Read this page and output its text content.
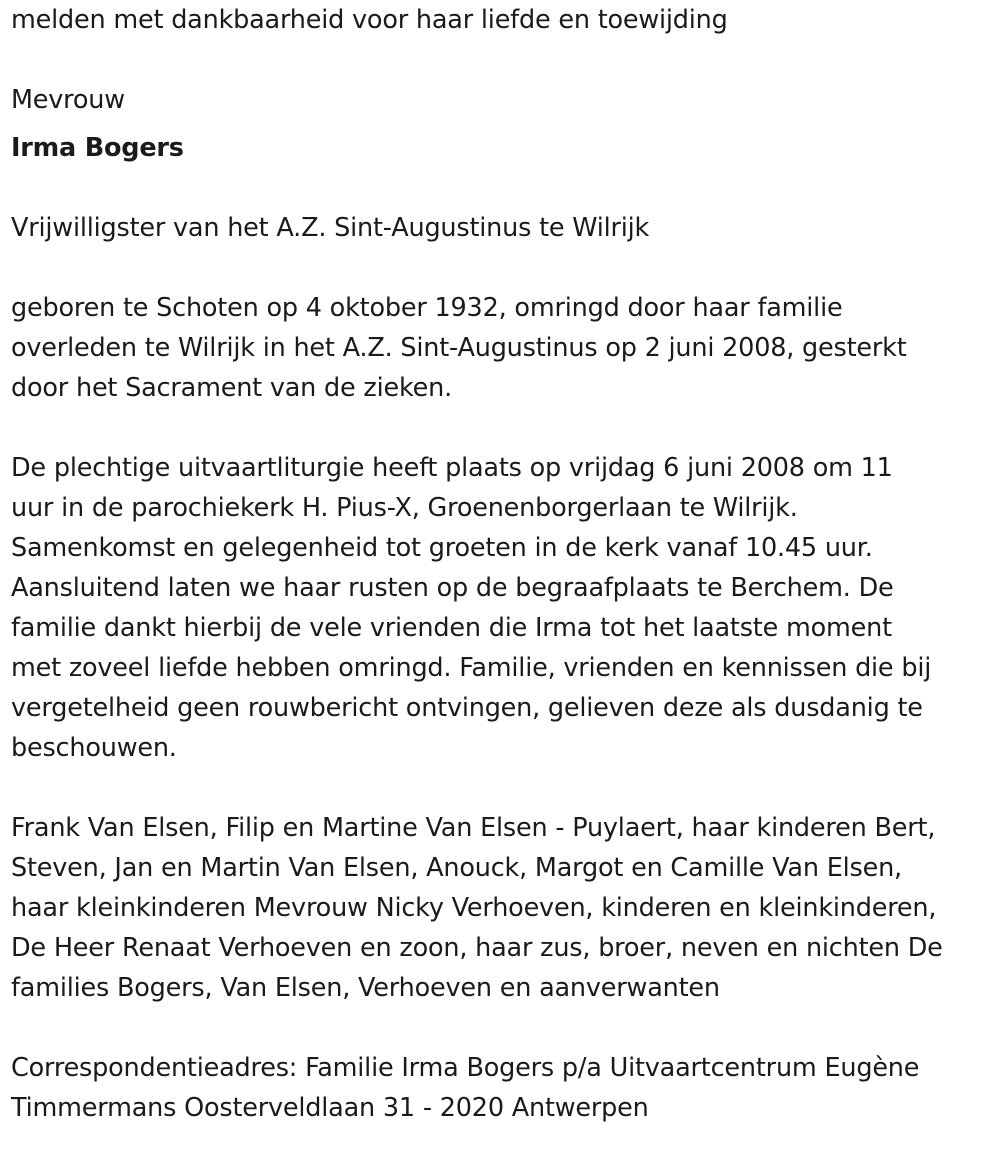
melden met dankbaarheid voor haar liefde en toewijding

Mevrouw

Irma Bogers

Vrijwilligster van het A.Z. Sint-Augustinus te Wilrijk

geboren te Schoten op 4 oktober 1932, omringd door haar familie

overleden te Wilrijk in het A.Z. Sint-Augustinus op 2 juni 2008, gesterkt

door het Sacrament van de zieken.

De plechtige uitvaartliturgie heeft plaats op vrijdag 6 juni 2008 om 11

uur in de parochiekerk H. Pius-X, Groenenborgerlaan te Wilrijk.

Samenkomst en gelegenheid tot groeten in de kerk vanaf 10.45 uur.

Aansluitend laten we haar rusten op de begraafplaats te Berchem. De

familie dankt hierbij de vele vrienden die Irma tot het laatste moment

met zoveel liefde hebben omringd. Familie, vrienden en kennissen die bij

vergetelheid geen rouwbericht ontvingen, gelieven deze als dusdanig te

beschouwen.

Frank Van Elsen, Filip en Martine Van Elsen - Puylaert, haar kinderen Bert,

Steven, Jan en Martin Van Elsen, Anouck, Margot en Camille Van Elsen,

haar kleinkinderen Mevrouw Nicky Verhoeven, kinderen en kleinkinderen,

De Heer Renaat Verhoeven en zoon, haar zus, broer, neven en nichten De

families Bogers, Van Elsen, Verhoeven en aanverwanten

Correspondentieadres: Familie Irma Bogers p/a Uitvaartcentrum Eugène

Timmermans Oosterveldlaan 31 - 2020 Antwerpen
